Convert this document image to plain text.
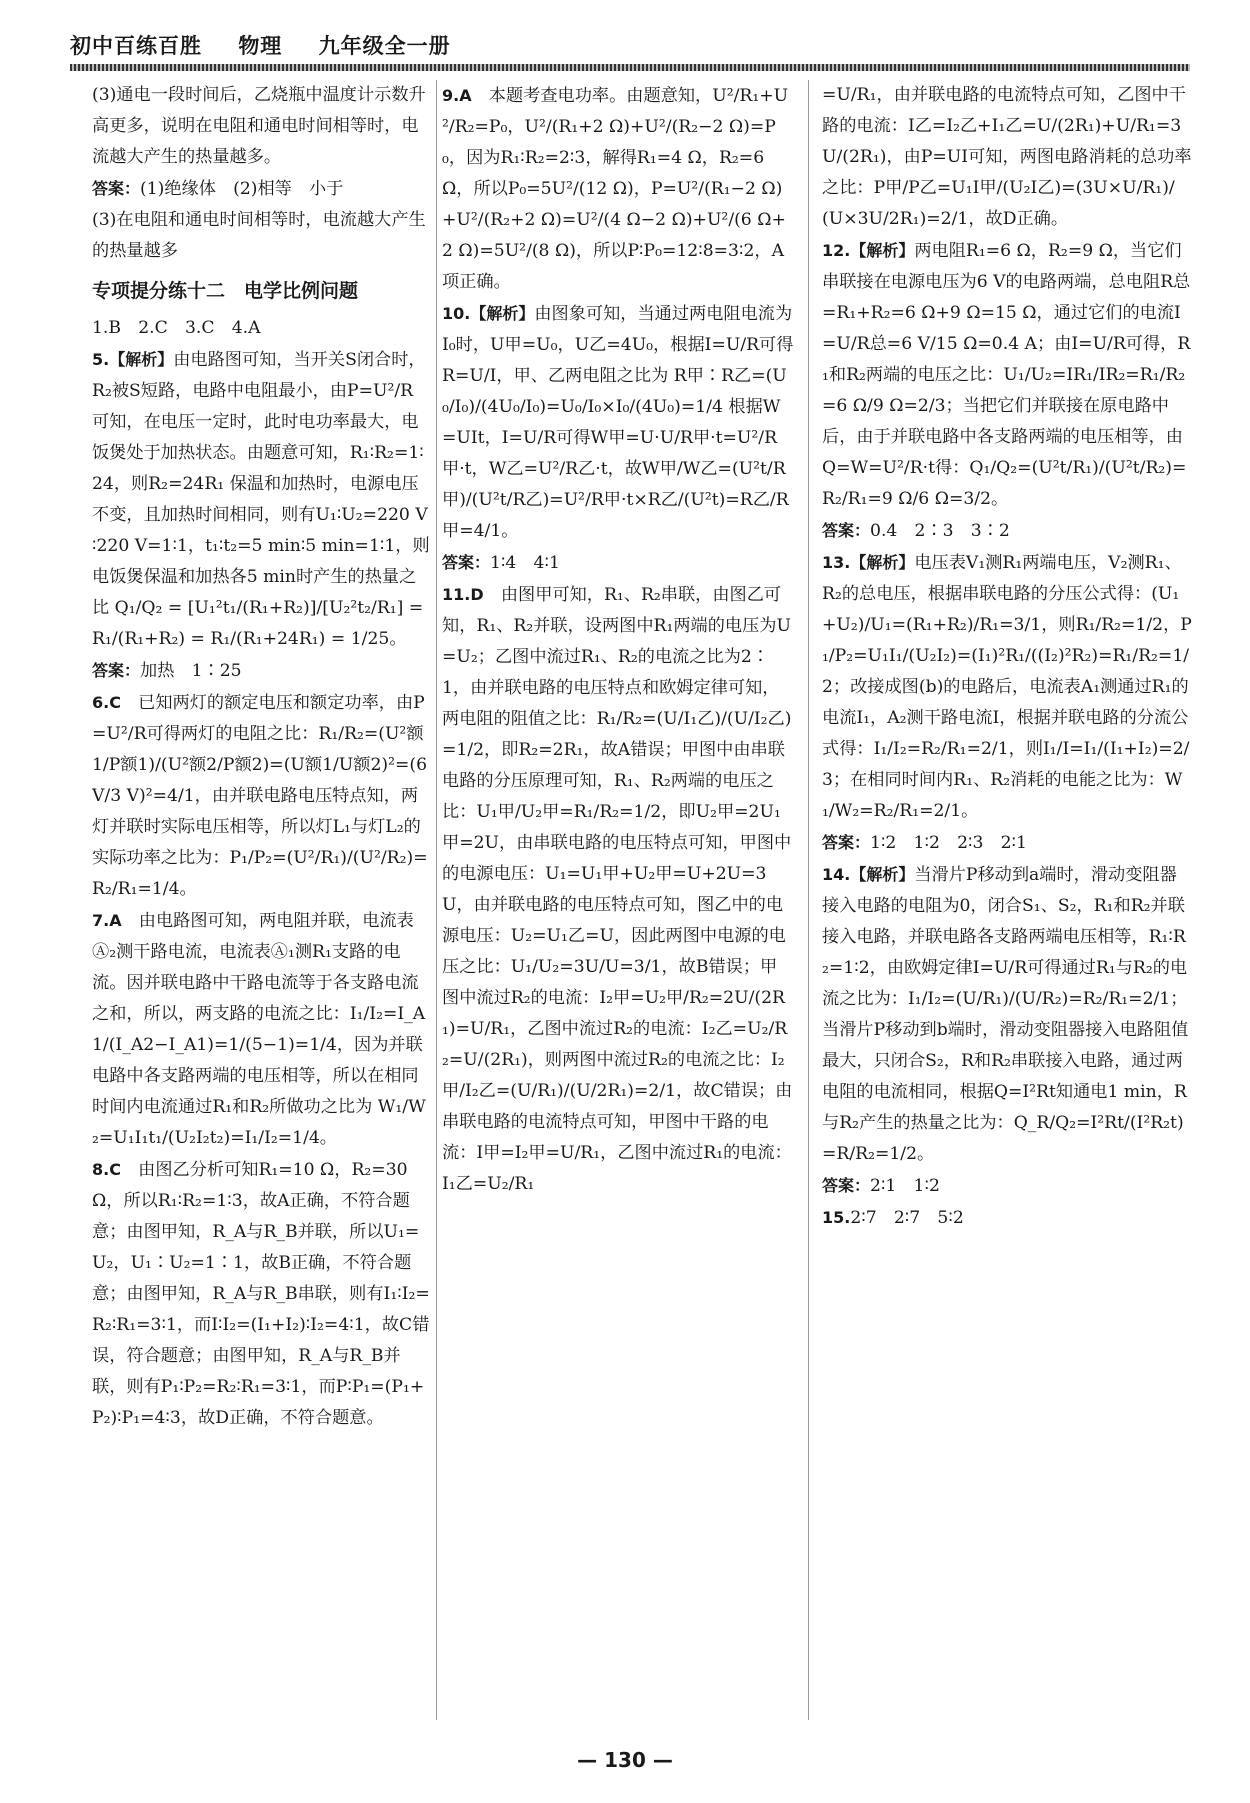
初中百练百胜 物理 九年级全一册

(3)通电一段时间后，乙烧瓶中温度计示数升高更多，说明在电阻和通电时间相等时，电流越大产生的热量越多。

答案：(1)绝缘体　(2)相等　小于

(3)在电阻和通电时间相等时，电流越大产生的热量越多

专项提分练十二　电学比例问题

1.B　2.C　3.C　4.A

5.【解析】由电路图可知，当开关S闭合时，R₂被S短路，电路中电阻最小，由P=U²/R可知，在电压一定时，此时电功率最大，电饭煲处于加热状态。由题意可知，R₁∶R₂=1∶24，则R₂=24R₁ 保温和加热时，电源电压不变，且加热时间相同，则有U₁∶U₂=220 V∶220 V=1∶1，t₁∶t₂=5 min∶5 min=1∶1，则电饭煲保温和加热各5 min时产生的热量之比 Q₁/Q₂ = [U₁²t₁/(R₁+R₂)]/[U₂²t₂/R₁] = R₁/(R₁+R₂) = R₁/(R₁+24R₁) = 1/25。

答案：加热　1∶25

6.C　已知两灯的额定电压和额定功率，由P=U²/R可得两灯的电阻之比：R₁/R₂=(U²额1/P额1)/(U²额2/P额2)=(U额1/U额2)²=(6 V/3 V)²=4/1，由并联电路电压特点知，两灯并联时实际电压相等，所以灯L₁与灯L₂的实际功率之比为：P₁/P₂=(U²/R₁)/(U²/R₂)=R₂/R₁=1/4。

7.A　由电路图可知，两电阻并联，电流表Ⓐ₂测干路电流，电流表Ⓐ₁测R₁支路的电流。因并联电路中干路电流等于各支路电流之和，所以，两支路的电流之比：I₁/I₂=I_A1/(I_A2−I_A1)=1/(5−1)=1/4，因为并联电路中各支路两端的电压相等，所以在相同时间内电流通过R₁和R₂所做功之比为 W₁/W₂=U₁I₁t₁/(U₂I₂t₂)=I₁/I₂=1/4。

8.C　由图乙分析可知R₁=10 Ω，R₂=30 Ω，所以R₁∶R₂=1∶3，故A正确，不符合题意；由图甲知，R_A与R_B并联，所以U₁=U₂，U₁∶U₂=1∶1，故B正确，不符合题意；由图甲知，R_A与R_B串联，则有I₁∶I₂=R₂∶R₁=3∶1，而I∶I₂=(I₁+I₂)∶I₂=4∶1，故C错误，符合题意；由图甲知，R_A与R_B并联，则有P₁∶P₂=R₂∶R₁=3∶1，而P∶P₁=(P₁+P₂)∶P₁=4∶3，故D正确，不符合题意。

9.A　本题考查电功率。由题意知，U²/R₁+U²/R₂=P₀，U²/(R₁+2 Ω)+U²/(R₂−2 Ω)=P₀，因为R₁∶R₂=2∶3，解得R₁=4 Ω，R₂=6 Ω，所以P₀=5U²/(12 Ω)，P=U²/(R₁−2 Ω)+U²/(R₂+2 Ω)=U²/(4 Ω−2 Ω)+U²/(6 Ω+2 Ω)=5U²/(8 Ω)，所以P∶P₀=12∶8=3∶2，A项正确。

10.【解析】由图象可知，当通过两电阻电流为I₀时，U甲=U₀，U乙=4U₀，根据I=U/R可得R=U/I，甲、乙两电阻之比为 R甲∶R乙=(U₀/I₀)/(4U₀/I₀)=U₀/I₀×I₀/(4U₀)=1/4 根据W=UIt，I=U/R可得W甲=U·U/R甲·t=U²/R甲·t，W乙=U²/R乙·t，故W甲/W乙=(U²t/R甲)/(U²t/R乙)=U²/R甲·t×R乙/(U²t)=R乙/R甲=4/1。

答案：1∶4　4∶1

11.D　由图甲可知，R₁、R₂串联，由图乙可知，R₁、R₂并联，设两图中R₁两端的电压为U=U₂；乙图中流过R₁、R₂的电流之比为2∶1，由并联电路的电压特点和欧姆定律可知，两电阻的阻值之比：R₁/R₂=(U/I₁乙)/(U/I₂乙)=1/2，即R₂=2R₁，故A错误；甲图中由串联电路的分压原理可知，R₁、R₂两端的电压之比：U₁甲/U₂甲=R₁/R₂=1/2，即U₂甲=2U₁甲=2U，由串联电路的电压特点可知，甲图中的电源电压：U₁=U₁甲+U₂甲=U+2U=3U，由并联电路的电压特点可知，图乙中的电源电压：U₂=U₁乙=U，因此两图中电源的电压之比：U₁/U₂=3U/U=3/1，故B错误；甲图中流过R₂的电流：I₂甲=U₂甲/R₂=2U/(2R₁)=U/R₁，乙图中流过R₂的电流：I₂乙=U₂/R₂=U/(2R₁)，则两图中流过R₂的电流之比：I₂甲/I₂乙=(U/R₁)/(U/2R₁)=2/1，故C错误；由串联电路的电流特点可知，甲图中干路的电流：I甲=I₂甲=U/R₁，乙图中流过R₁的电流：I₁乙=U₂/R₁

=U/R₁，由并联电路的电流特点可知，乙图中干路的电流：I乙=I₂乙+I₁乙=U/(2R₁)+U/R₁=3U/(2R₁)，由P=UI可知，两图电路消耗的总功率之比：P甲/P乙=U₁I甲/(U₂I乙)=(3U×U/R₁)/(U×3U/2R₁)=2/1，故D正确。

12.【解析】两电阻R₁=6 Ω，R₂=9 Ω，当它们串联接在电源电压为6 V的电路两端，总电阻R总=R₁+R₂=6 Ω+9 Ω=15 Ω，通过它们的电流I=U/R总=6 V/15 Ω=0.4 A；由I=U/R可得，R₁和R₂两端的电压之比：U₁/U₂=IR₁/IR₂=R₁/R₂=6 Ω/9 Ω=2/3；当把它们并联接在原电路中后，由于并联电路中各支路两端的电压相等，由Q=W=U²/R·t得：Q₁/Q₂=(U²t/R₁)/(U²t/R₂)=R₂/R₁=9 Ω/6 Ω=3/2。

答案：0.4　2∶3　3∶2

13.【解析】电压表V₁测R₁两端电压，V₂测R₁、R₂的总电压，根据串联电路的分压公式得：(U₁+U₂)/U₁=(R₁+R₂)/R₁=3/1，则R₁/R₂=1/2，P₁/P₂=U₁I₁/(U₂I₂)=(I₁)²R₁/((I₂)²R₂)=R₁/R₂=1/2；改接成图(b)的电路后，电流表A₁测通过R₁的电流I₁，A₂测干路电流I，根据并联电路的分流公式得：I₁/I₂=R₂/R₁=2/1，则I₁/I=I₁/(I₁+I₂)=2/3；在相同时间内R₁、R₂消耗的电能之比为：W₁/W₂=R₂/R₁=2/1。

答案：1∶2　1∶2　2∶3　2∶1

14.【解析】当滑片P移动到a端时，滑动变阻器接入电路的电阻为0，闭合S₁、S₂，R₁和R₂并联接入电路，并联电路各支路两端电压相等，R₁∶R₂=1∶2，由欧姆定律I=U/R可得通过R₁与R₂的电流之比为：I₁/I₂=(U/R₁)/(U/R₂)=R₂/R₁=2/1；当滑片P移动到b端时，滑动变阻器接入电路阻值最大，只闭合S₂，R和R₂串联接入电路，通过两电阻的电流相同，根据Q=I²Rt知通电1 min，R与R₂产生的热量之比为：Q_R/Q₂=I²Rt/(I²R₂t)=R/R₂=1/2。

答案：2∶1　1∶2

15.2∶7　2∶7　5∶2

— 130 —
